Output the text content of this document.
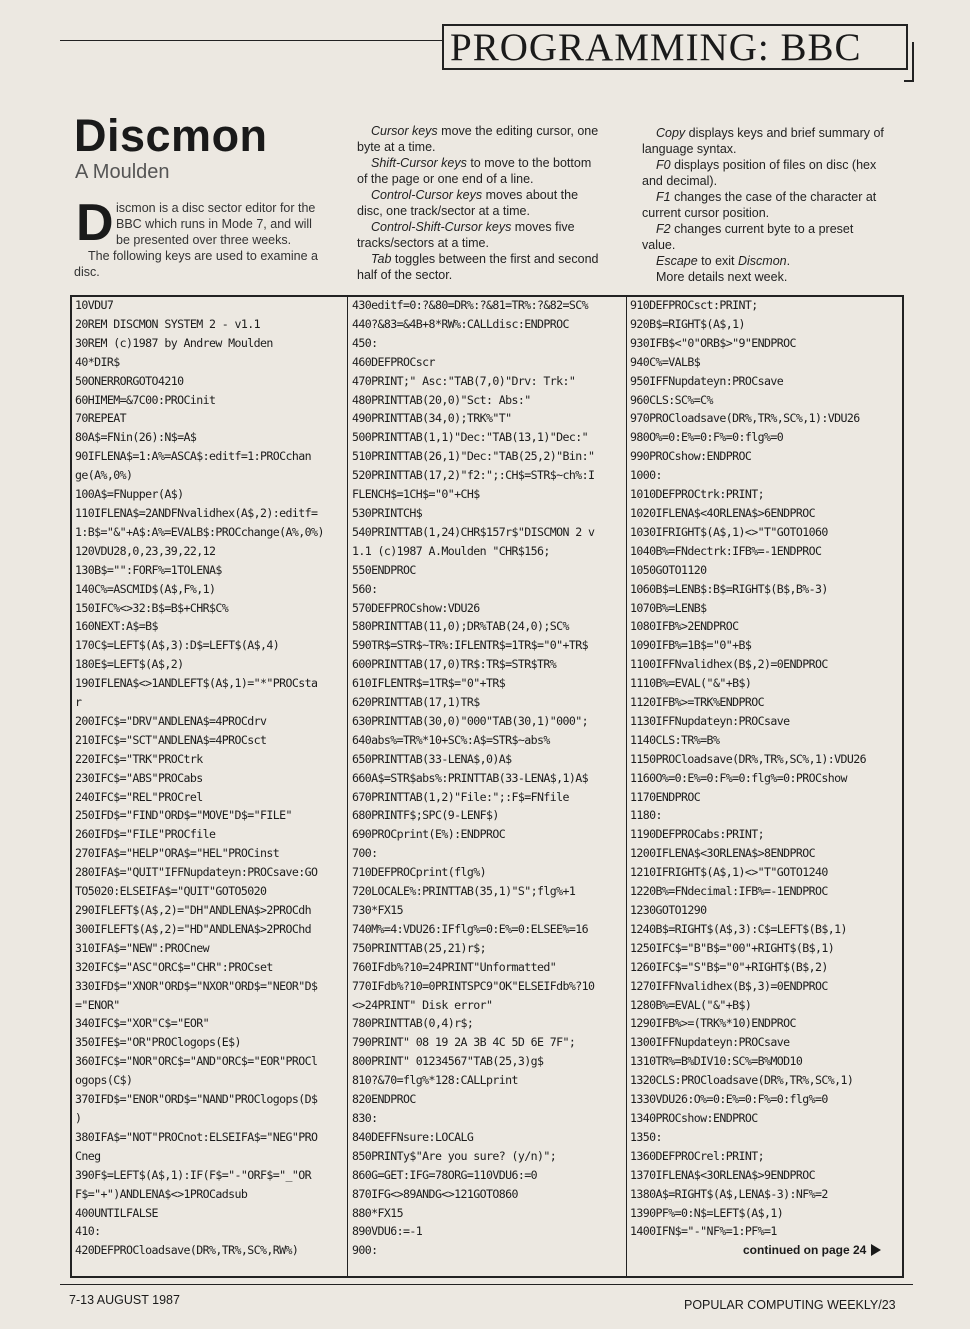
PROGRAMMING: BBC
Discmon
A Moulden
D iscmon is a disc sector editor for the
BBC which runs in Mode 7, and will
be presented over three weeks.
The following keys are used to examine a
disc.

Cursor keys move the editing cursor, one

byte at a time.

Shift-Cursor keys to move to the bottom

of the page or one end of a line.

Control-Cursor keys moves about the

disc, one track/sector at a time.

Control-Shift-Cursor keys moves five

tracks/sectors at a time.

Tab toggles between the first and second

half of the sector.

Copy displays keys and brief summary of

language syntax.

F0 displays position of files on disc (hex

and decimal).

F1 changes the case of the character at

current cursor position.

F2 changes current byte to a preset

value.

Escape to exit Discmon.

More details next week.

10VDU7
20REM DISCMON SYSTEM 2 - v1.1
30REM (c)1987 by Andrew Moulden
40*DIR$
50ONERRORGOTO4210
60HIMEM=&7C00:PROCinit
70REPEAT
80A$=FNin(26):N$=A$
90IFLENA$=1:A%=ASCA$:editf=1:PROCchan
ge(A%,0%)
100A$=FNupper(A$)
110IFLENA$=2ANDFNvalidhex(A$,2):editf=
1:B$="&"+A$:A%=EVALB$:PROCchange(A%,0%)
120VDU28,0,23,39,22,12
130B$="":FORF%=1TOLENA$
140C%=ASCMID$(A$,F%,1)
150IFC%<>32:B$=B$+CHR$C%
160NEXT:A$=B$
170C$=LEFT$(A$,3):D$=LEFT$(A$,4)
180E$=LEFT$(A$,2)
190IFLENA$<>1ANDLEFT$(A$,1)="*"PROCsta
r
200IFC$="DRV"ANDLENA$=4PROCdrv
210IFC$="SCT"ANDLENA$=4PROCsct
220IFC$="TRK"PROCtrk
230IFC$="ABS"PROCabs
240IFC$="REL"PROCrel
250IFD$="FIND"ORD$="MOVE"D$="FILE"
260IFD$="FILE"PROCfile
270IFA$="HELP"ORA$="HEL"PROCinst
280IFA$="QUIT"IFFNupdateyn:PROCsave:GO
TO5020:ELSEIFA$="QUIT"GOTO5020
290IFLEFT$(A$,2)="DH"ANDLENA$>2PROCdh
300IFLEFT$(A$,2)="HD"ANDLENA$>2PROChd
310IFA$="NEW":PROCnew
320IFC$="ASC"ORC$="CHR":PROCset
330IFD$="XNOR"ORD$="NXOR"ORD$="NEOR"D$
="ENOR"
340IFC$="XOR"C$="EOR"
350IFE$="OR"PROClogops(E$)
360IFC$="NOR"ORC$="AND"ORC$="EOR"PROCl
ogops(C$)
370IFD$="ENOR"ORD$="NAND"PROClogops(D$
)
380IFA$="NOT"PROCnot:ELSEIFA$="NEG"PRO
Cneg
390F$=LEFT$(A$,1):IF(F$="-"ORF$="_"OR
F$="+")ANDLENA$<>1PROCadsub
400UNTILFALSE
410:
420DEFPROCloadsave(DR%,TR%,SC%,RW%)
430editf=0:?&80=DR%:?&81=TR%:?&82=SC%
440?&83=&4B+8*RW%:CALLdisc:ENDPROC
450:
460DEFPROCscr
470PRINT;" Asc:"TAB(7,0)"Drv: Trk:"
480PRINTTAB(20,0)"Sct: Abs:"
490PRINTTAB(34,0);TRK%"T"
500PRINTTAB(1,1)"Dec:"TAB(13,1)"Dec:"
510PRINTTAB(26,1)"Dec:"TAB(25,2)"Bin:"
520PRINTTAB(17,2)"f2:";:CH$=STR$~ch%:I
FLENCH$=1CH$="0"+CH$
530PRINTCH$
540PRINTTAB(1,24)CHR$157r$"DISCMON 2 v
1.1 (c)1987 A.Moulden "CHR$156;
550ENDPROC
560:
570DEFPROCshow:VDU26
580PRINTTAB(11,0);DR%TAB(24,0);SC%
590TR$=STR$~TR%:IFLENTR$=1TR$="0"+TR$
600PRINTTAB(17,0)TR$:TR$=STR$TR%
610IFLENTR$=1TR$="0"+TR$
620PRINTTAB(17,1)TR$
630PRINTTAB(30,0)"000"TAB(30,1)"000";
640abs%=TR%*10+SC%:A$=STR$~abs%
650PRINTTAB(33-LENA$,0)A$
660A$=STR$abs%:PRINTTAB(33-LENA$,1)A$
670PRINTTAB(1,2)"File:";:F$=FNfile
680PRINTF$;SPC(9-LENF$)
690PROCprint(E%):ENDPROC
700:
710DEFPROCprint(flg%)
720LOCALE%:PRINTTAB(35,1)"S";flg%+1
730*FX15
740M%=4:VDU26:IFflg%=0:E%=0:ELSEE%=16
750PRINTTAB(25,21)r$;
760IFdb%?10=24PRINT"Unformatted"
770IFdb%?10=0PRINTSPC9"OK"ELSEIFdb%?10
<>24PRINT" Disk error"
780PRINTTAB(0,4)r$;
790PRINT" 08 19 2A 3B 4C 5D 6E 7F";
800PRINT" 01234567"TAB(25,3)g$
810?&70=flg%*128:CALLprint
820ENDPROC
830:
840DEFFNsure:LOCALG
850PRINTy$"Are you sure? (y/n)";
860G=GET:IFG=78ORG=110VDU6:=0
870IFG<>89ANDG<>121GOTO860
880*FX15
890VDU6:=-1
900:
910DEFPROCsct:PRINT;
920B$=RIGHT$(A$,1)
930IFB$<"0"ORB$>"9"ENDPROC
940C%=VALB$
950IFFNupdateyn:PROCsave
960CLS:SC%=C%
970PROCloadsave(DR%,TR%,SC%,1):VDU26
980O%=0:E%=0:F%=0:flg%=0
990PROCshow:ENDPROC
1000:
1010DEFPROCtrk:PRINT;
1020IFLENA$<4ORLENA$>6ENDPROC
1030IFRIGHT$(A$,1)<>"T"GOTO1060
1040B%=FNdectrk:IFB%=-1ENDPROC
1050GOTO1120
1060B$=LENB$:B$=RIGHT$(B$,B%-3)
1070B%=LENB$
1080IFB%>2ENDPROC
1090IFB%=1B$="0"+B$
1100IFFNvalidhex(B$,2)=0ENDPROC
1110B%=EVAL("&"+B$)
1120IFB%>=TRK%ENDPROC
1130IFFNupdateyn:PROCsave
1140CLS:TR%=B%
1150PROCloadsave(DR%,TR%,SC%,1):VDU26
1160O%=0:E%=0:F%=0:flg%=0:PROCshow
1170ENDPROC
1180:
1190DEFPROCabs:PRINT;
1200IFLENA$<3ORLENA$>8ENDPROC
1210IFRIGHT$(A$,1)<>"T"GOTO1240
1220B%=FNdecimal:IFB%=-1ENDPROC
1230GOTO1290
1240B$=RIGHT$(A$,3):C$=LEFT$(B$,1)
1250IFC$="B"B$="00"+RIGHT$(B$,1)
1260IFC$="S"B$="0"+RIGHT$(B$,2)
1270IFFNvalidhex(B$,3)=0ENDPROC
1280B%=EVAL("&"+B$)
1290IFB%>=(TRK%*10)ENDPROC
1300IFFNupdateyn:PROCsave
1310TR%=B%DIV10:SC%=B%MOD10
1320CLS:PROCloadsave(DR%,TR%,SC%,1)
1330VDU26:O%=0:E%=0:F%=0:flg%=0
1340PROCshow:ENDPROC
1350:
1360DEFPROCrel:PRINT;
1370IFLENA$<3ORLENA$>9ENDPROC
1380A$=RIGHT$(A$,LENA$-3):NF%=2
1390PF%=0:N$=LEFT$(A$,1)
1400IFN$="-"NF%=1:PF%=1
continued on page 24
7-13 AUGUST 1987	POPULAR COMPUTING WEEKLY/23
